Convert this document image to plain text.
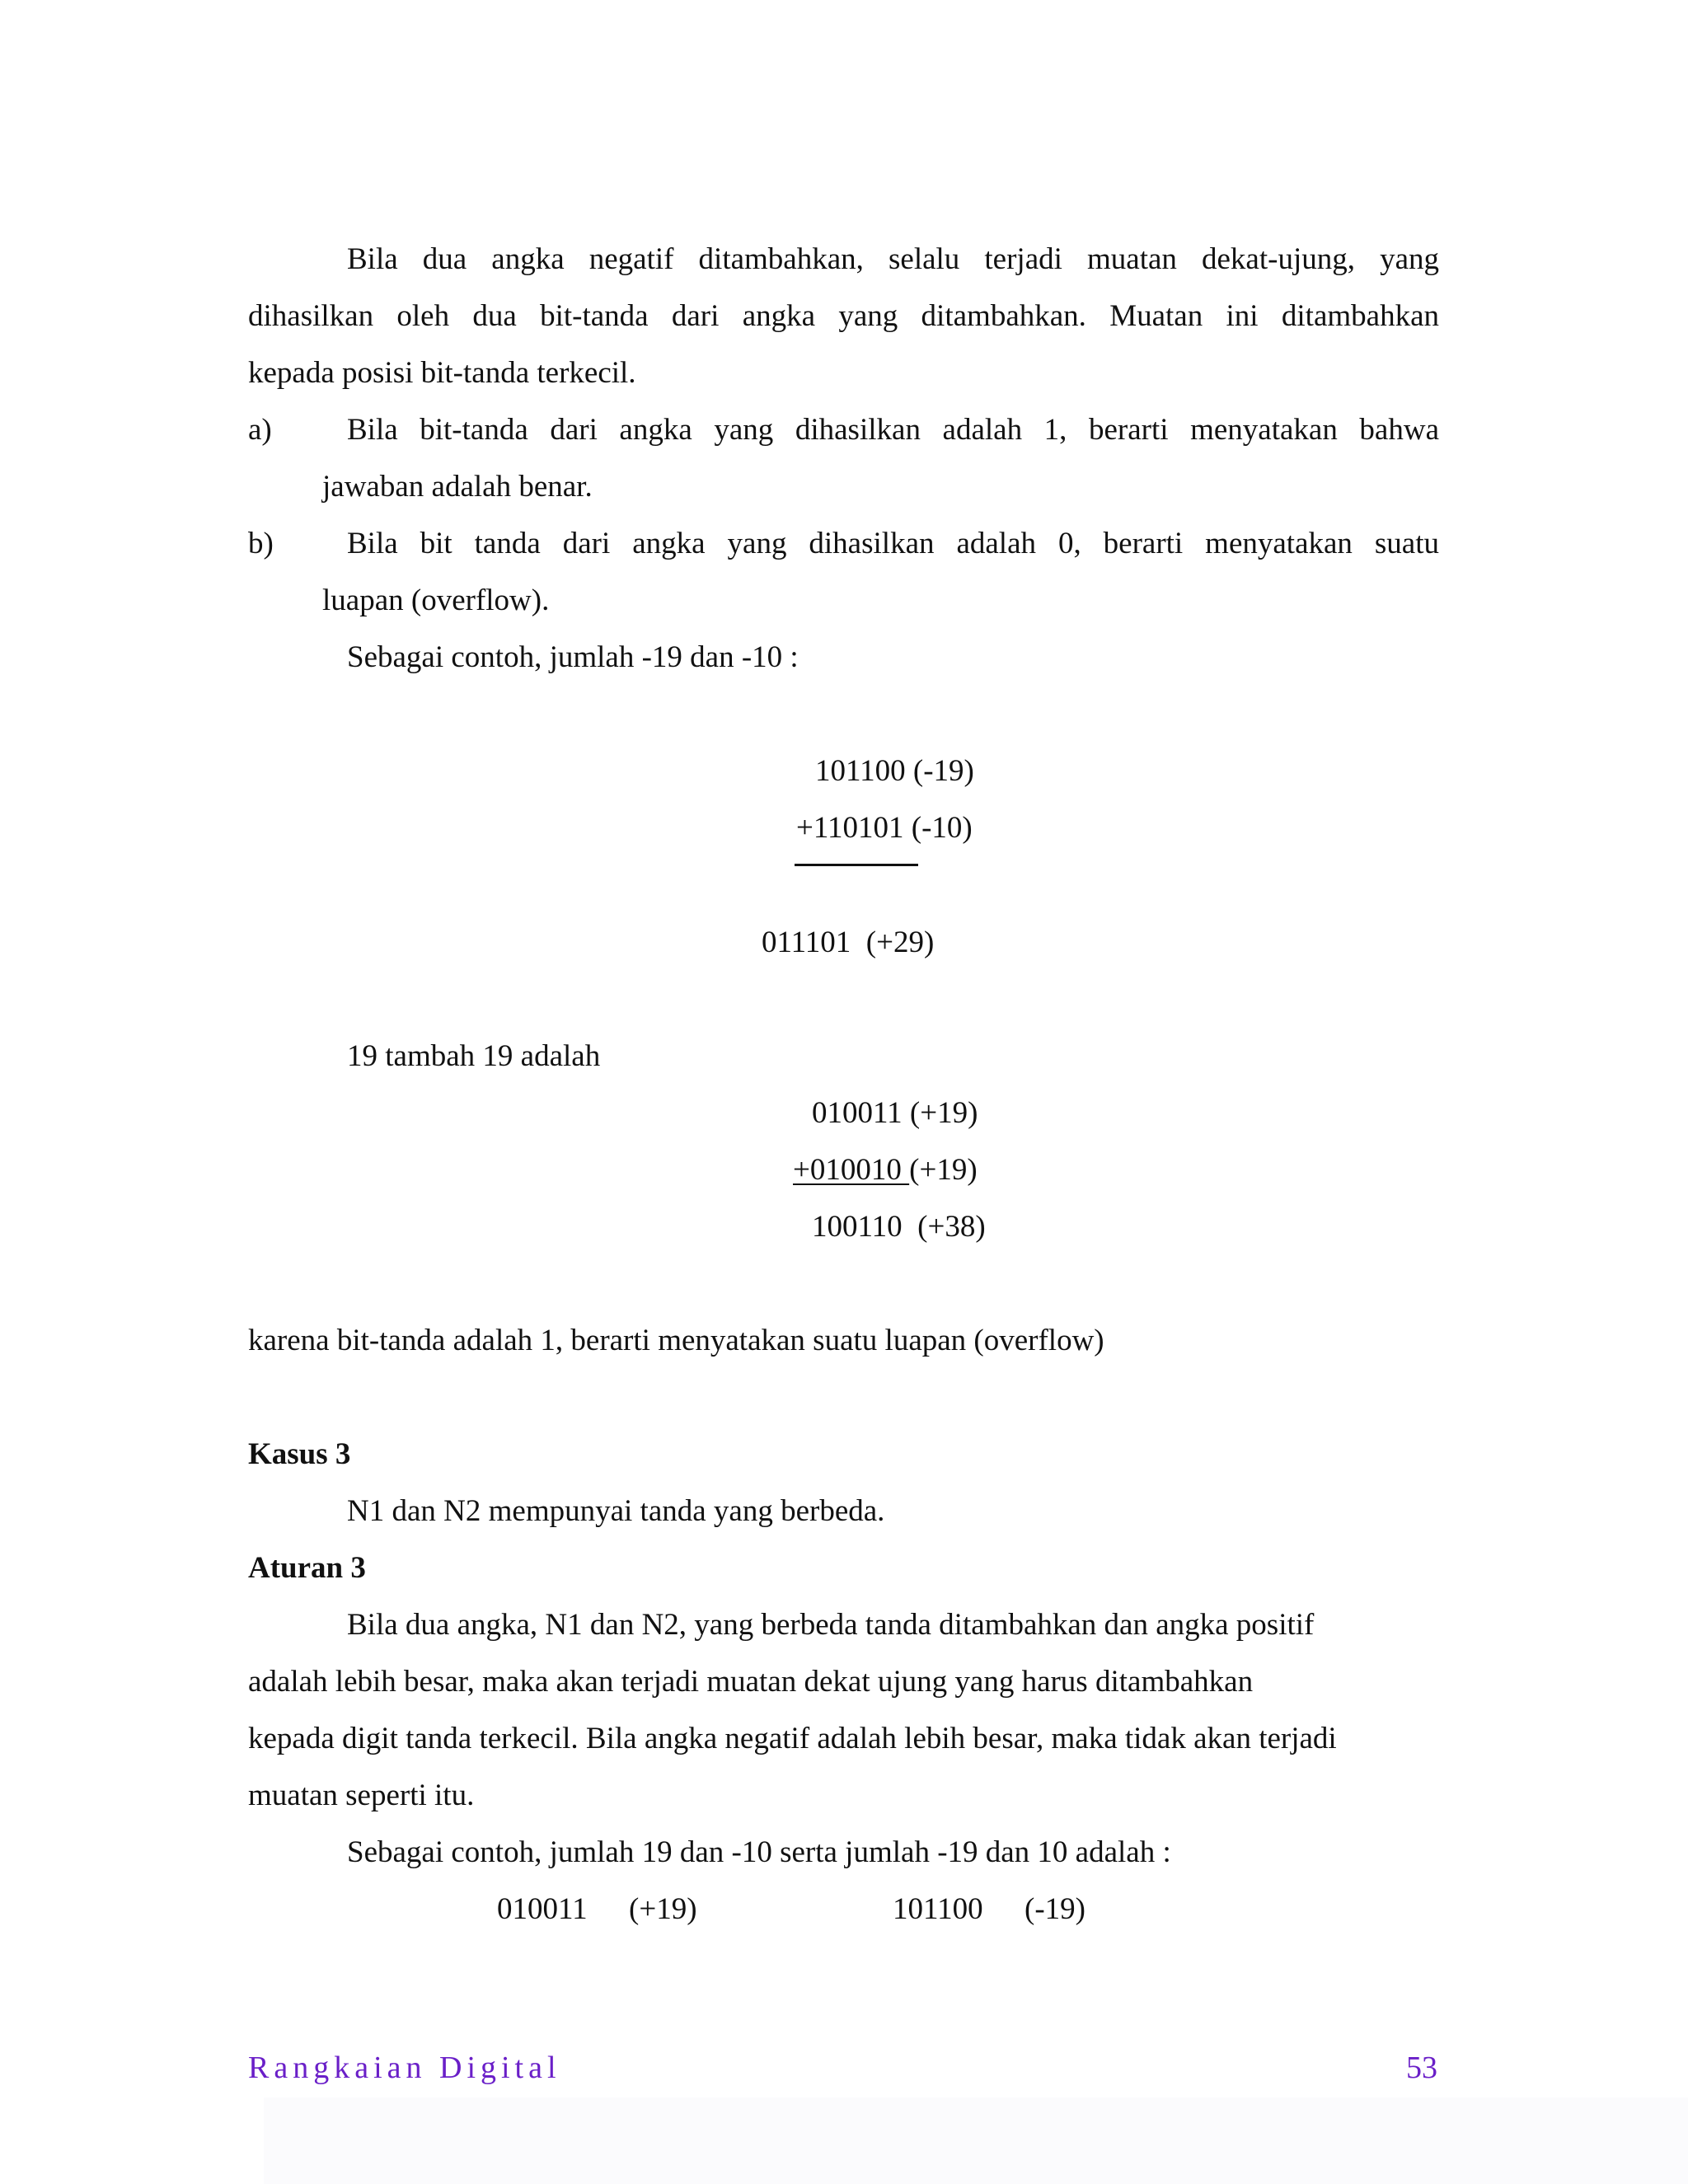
Bila dua angka negatif ditambahkan, selalu terjadi muatan dekat-ujung, yang
dihasilkan oleh dua bit-tanda dari angka yang ditambahkan. Muatan ini ditambahkan
kepada posisi bit-tanda terkecil.
a) Bila bit-tanda dari angka yang dihasilkan adalah 1, berarti menyatakan bahwa
jawaban adalah benar.
b) Bila bit tanda dari angka yang dihasilkan adalah 0, berarti menyatakan suatu
luapan (overflow).
Sebagai contoh, jumlah -19 dan -10 :
101100 (-19)
+110101 (-10)
011101  (+29)
19 tambah 19 adalah
010011 (+19)
+010010 (+19)
100110  (+38)
karena bit-tanda adalah 1, berarti menyatakan suatu luapan (overflow)
Kasus 3
N1 dan N2 mempunyai tanda yang berbeda.
Aturan 3
Bila dua angka, N1 dan N2, yang berbeda tanda ditambahkan dan angka positif
adalah lebih besar, maka akan terjadi muatan dekat ujung yang harus ditambahkan
kepada digit tanda terkecil. Bila angka negatif adalah lebih besar, maka tidak akan terjadi
muatan seperti itu.
Sebagai contoh, jumlah 19 dan -10 serta jumlah -19 dan 10 adalah :
010011 (+19)	101100 (-19)
Rangkaian Digital	53
